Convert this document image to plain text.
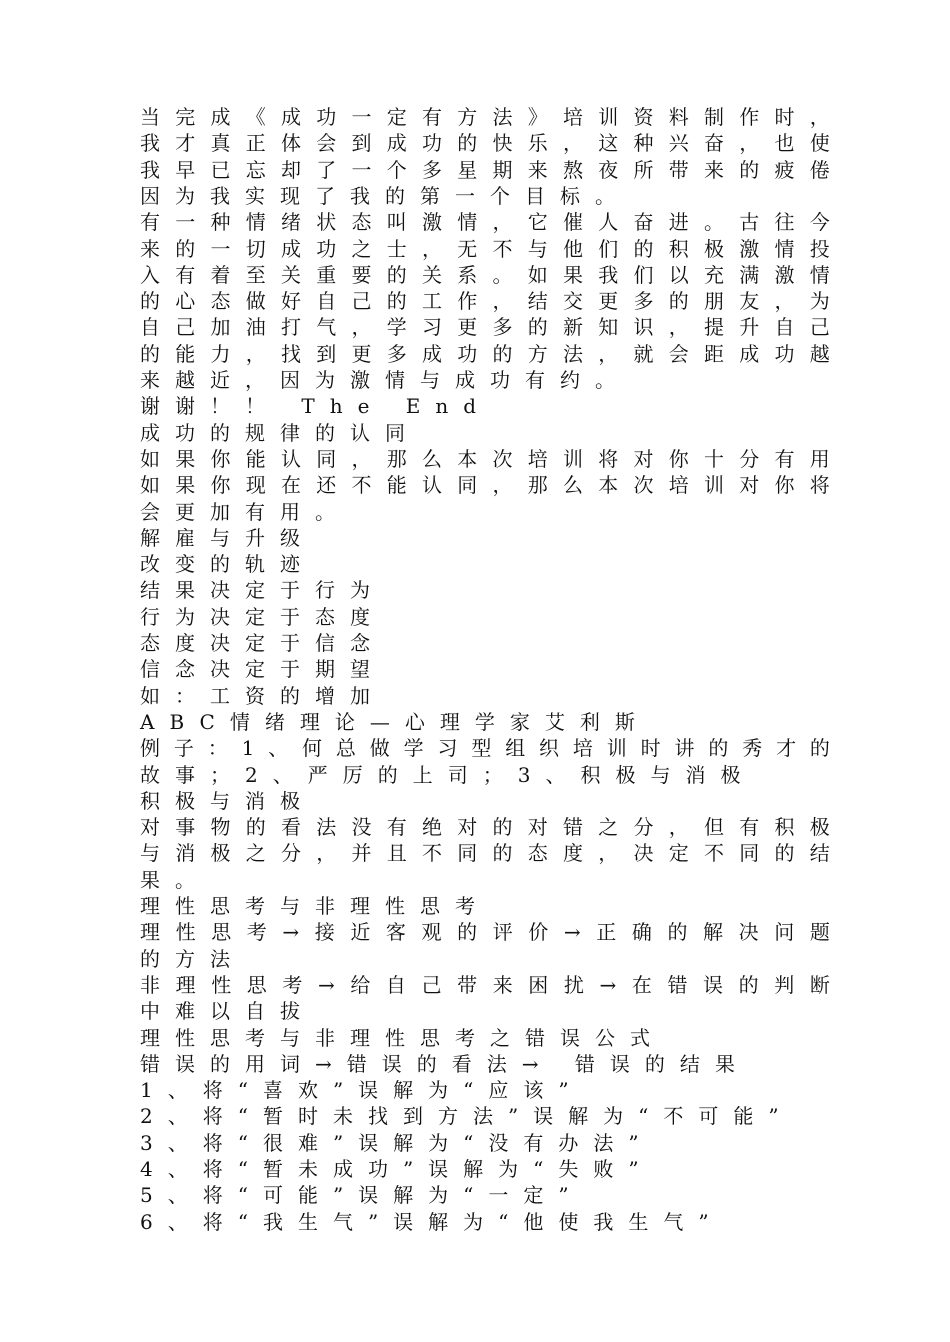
当 完 成 《 成 功 一 定 有 方 法 》 培 训 资 料 制 作 时 ，
我 才 真 正 体 会 到 成 功 的 快 乐 ， 这 种 兴 奋 ， 也 使
我 早 已 忘 却 了 一 个 多 星 期 来 熬 夜 所 带 来 的 疲 倦
因为我实现了我的第一个目标。
有 一 种 情 绪 状 态 叫 激 情 ， 它 催 人 奋 进 。 古 往 今
来 的 一 切 成 功 之 士 ， 无 不 与 他 们 的 积 极 激 情 投
入 有 着 至 关 重 要 的 关 系 。 如 果 我 们 以 充 满 激 情
的 心 态 做 好 自 己 的 工 作 ， 结 交 更 多 的 朋 友 ， 为
自 己 加 油 打 气 ， 学 习 更 多 的 新 知 识 ， 提 升 自 己
的 能 力 ， 找 到 更 多 成 功 的 方 法 ， 就 会 距 成 功 越
来越近，因为激情与成功有约。
谢谢！！ The End
成功的规律的认同
如 果 你 能 认 同 ， 那 么 本 次 培 训 将 对 你 十 分 有 用
如 果 你 现 在 还 不 能 认 同 ， 那 么 本 次 培 训 对 你 将
会更加有用。
解雇与升级
改变的轨迹
结果决定于行为
行为决定于态度
态度决定于信念
信念决定于期望
如：工资的增加
ABC情绪理论—心理学家艾利斯
例 子 ： 1 、 何 总 做 学 习 型 组 织 培 训 时 讲 的 秀 才 的
故事；2、严厉的上司；3、积极与消极
积极与消极
对 事 物 的 看 法 没 有 绝 对 的 对 错 之 分 ， 但 有 积 极
与 消 极 之 分 ， 并 且 不 同 的 态 度 ， 决 定 不 同 的 结
果。
理性思考与非理性思考
理 性 思 考 → 接 近 客 观 的 评 价 → 正 确 的 解 决 问 题
的方法
非 理 性 思 考 → 给 自 己 带 来 困 扰 → 在 错 误 的 判 断
中难以自拔
理性思考与非理性思考之错误公式
错误的用词→错误的看法→ 错误的结果
1、将“喜欢”误解为“应该”
2、将“暂时未找到方法”误解为“不可能”
3、将“很难”误解为“没有办法”
4、将“暂未成功”误解为“失败”
5、将“可能”误解为“一定”
6、将“我生气”误解为“他使我生气”
